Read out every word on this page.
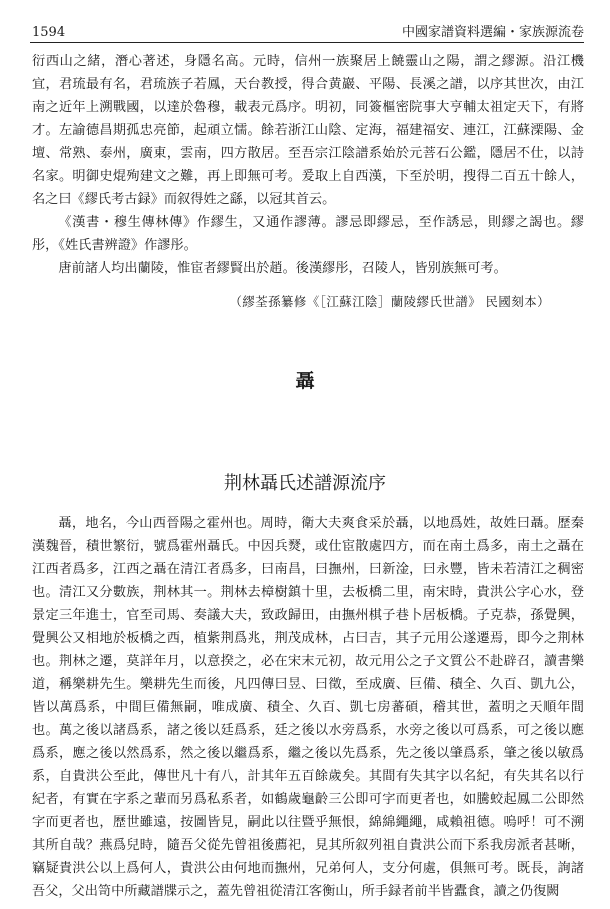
1594	中國家譜資料選編・家族源流卷

衍西山之緒，潛心著述，身隱名高。元時，信州一族聚居上饒靈山之陽，謂之繆源。沿江機宜，君琉最有名，君琉族子若鳳，天台教授，得合黄巖、平陽、長溪之譜，以序其世次，由江南之近年上溯戰國，以達於魯穆，載表元爲序。明初，同簽樞密院事大亨輔太祖定天下，有將才。左諭德昌期孤忠亮節，起頑立懦。餘若浙江山陰、定海，福建福安、連江，江蘇溧陽、金壇、常熟、泰州，廣東，雲南，四方散居。至吾宗江陰譜系始於元菩石公鑑，隱居不仕，以詩名家。明御史焜殉建文之難，再上即無可考。爰取上自西漢，下至於明，搜得二百五十餘人，名之曰《繆氏考古録》而叙得姓之繇，以冠其首云。

《漢書・穆生傳林傳》作繆生，又通作謬薄。謬忌即繆忌，至作誘忌，則繆之謁也。繆彤，《姓氏書辨證》作謬彤。

唐前諸人均出蘭陵，惟宦者繆賢出於趙。後漢繆彤，召陵人，皆别族無可考。

（繆荃孫纂修《［江蘇江陰］蘭陵繆氏世譜》 民國刻本）
聶
荆林聶氏述譜源流序

聶，地名，今山西晉陽之霍州也。周時，衛大夫爽食采於聶，以地爲姓，故姓曰聶。歷秦漢魏晉，積世繁衍，號爲霍州聶氏。中因兵燹，或仕宦散處四方，而在南土爲多，南土之聶在江西者爲多，江西之聶在清江者爲多，曰南昌，曰撫州，曰新淦，曰永豐，皆未若清江之稠密也。清江又分數族，荆林其一。荆林去樟樹鎮十里，去板橋二里，南宋時，貴洪公字心水，登景定三年進士，官至司馬、奏議大夫，致政歸田，由撫州棋子巷卜居板橋。子克恭，孫覺興，覺興公又相地於板橋之西，植紫荆爲兆，荆茂成林，占曰吉，其子元用公遂遷焉，即今之荆林也。荆林之遷，莫詳年月，以意揆之，必在宋末元初，故元用公之子文質公不赴辟召，讀書樂道，稱樂耕先生。樂耕先生而後，凡四傳曰昱、曰徵，至成廣、巨備、積全、久百、凱九公，皆以萬爲系，中間巨備無嗣，唯成廣、積全、久百、凱七房蕃碩，稽其世，蓋明之天順年間也。萬之後以諸爲系，諸之後以廷爲系，廷之後以水旁爲系，水旁之後以可爲系，可之後以應爲系，應之後以然爲系，然之後以繼爲系，繼之後以先爲系，先之後以肇爲系，肇之後以敏爲系，自貴洪公至此，傳世凡十有八，計其年五百餘歲矣。其間有失其字以名紀，有失其名以行紀者，有實在字系之輩而另爲私系者，如鶴歲龜齡三公即可字而更者也，如騰蛟起鳳二公即然字而更者也，歷世雖遠，按圖皆見，嗣此以往暨乎無恨，綿綿繩繩，咸賴祖德。嗚呼！可不溯其所自哉？燕爲兒時，隨吾父從先曾祖後薦祀，見其所叙列祖自貴洪公而下系我房派者甚晰，竊疑貴洪公以上爲何人，貴洪公由何地而撫州，兄弟何人，支分何處，俱無可考。既長，詢諸吾父，父出笥中所藏譜牒示之，蓋先曾祖從清江客衡山，所手録者前半皆蠹食，讀之仍復闕
